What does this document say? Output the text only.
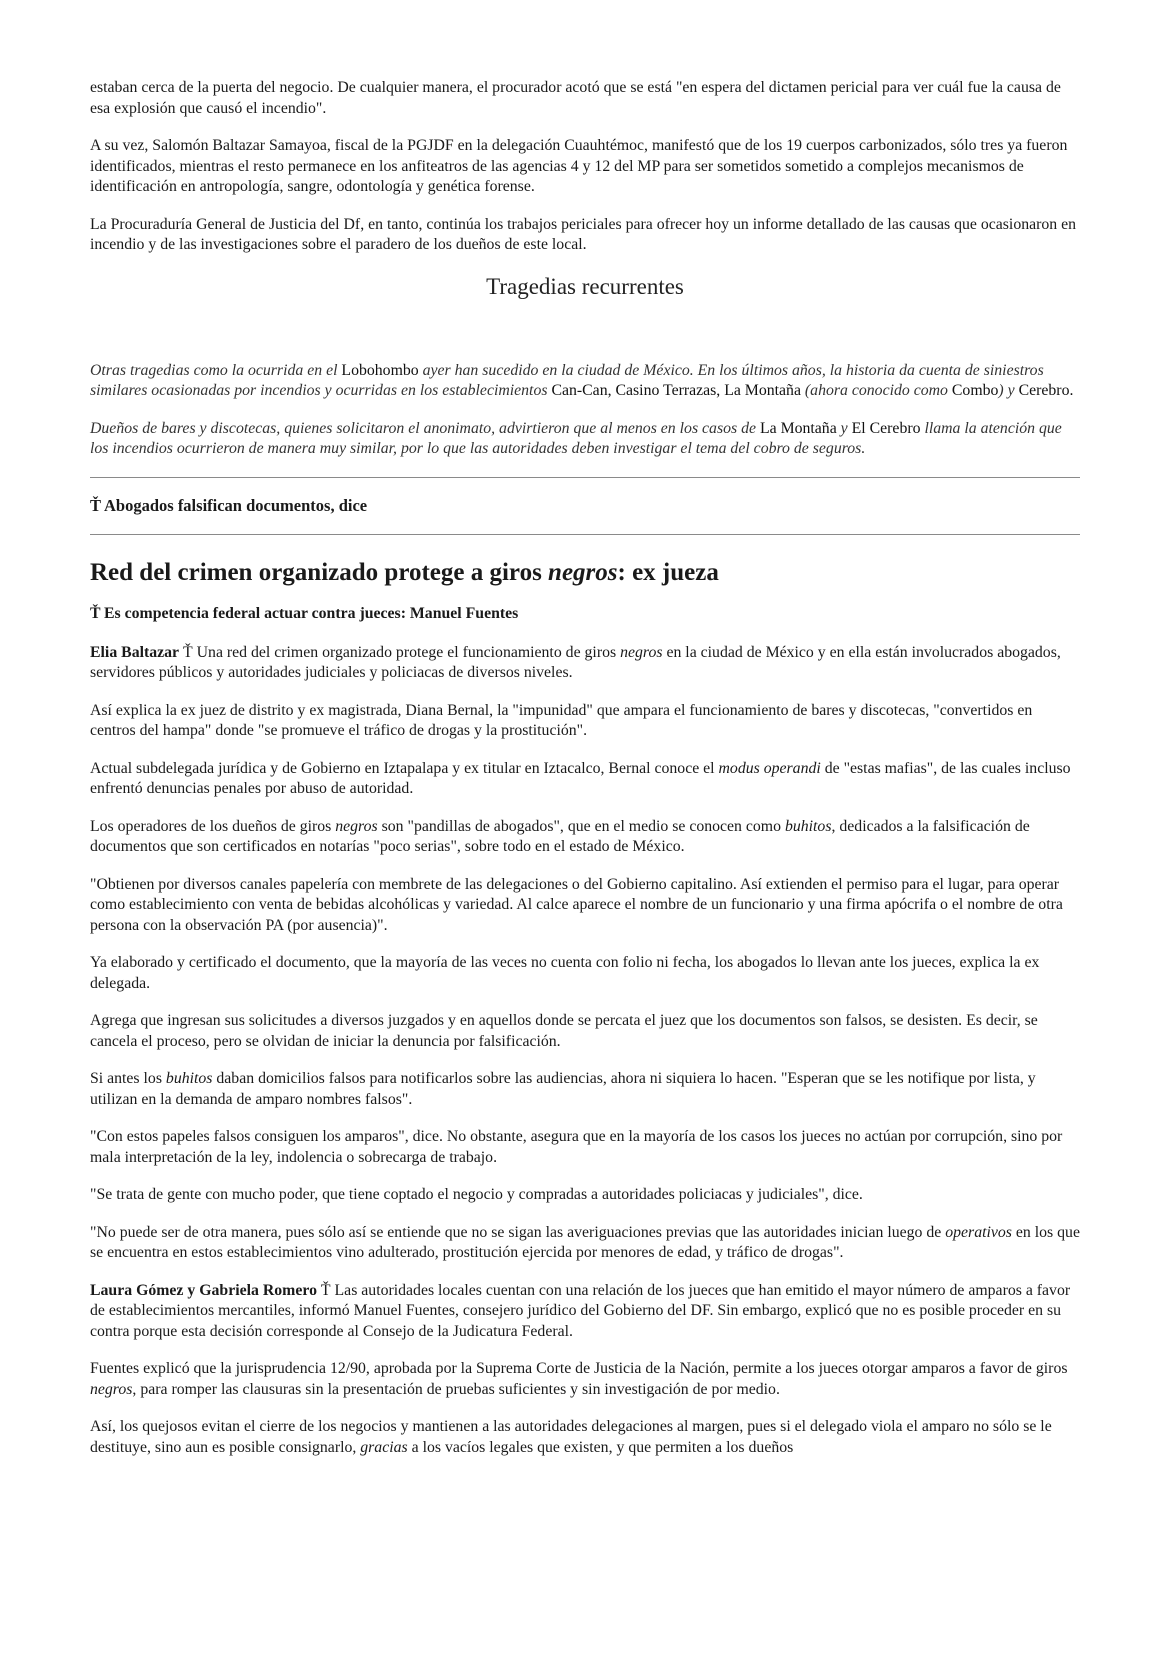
estaban cerca de la puerta del negocio. De cualquier manera, el procurador acotó que se está "en espera del dictamen pericial para ver cuál fue la causa de esa explosión que causó el incendio".

A su vez, Salomón Baltazar Samayoa, fiscal de la PGJDF en la delegación Cuauhtémoc, manifestó que de los 19 cuerpos carbonizados, sólo tres ya fueron identificados, mientras el resto permanece en los anfiteatros de las agencias 4 y 12 del MP para ser sometidos sometido a complejos mecanismos de identificación en antropología, sangre, odontología y genética forense.

La Procuraduría General de Justicia del Df, en tanto, continúa los trabajos periciales para ofrecer hoy un informe detallado de las causas que ocasionaron en incendio y de las investigaciones sobre el paradero de los dueños de este local.

Tragedias recurrentes

Otras tragedias como la ocurrida en el Lobohombo ayer han sucedido en la ciudad de México. En los últimos años, la historia da cuenta de siniestros similares ocasionadas por incendios y ocurridas en los establecimientos Can-Can, Casino Terrazas, La Montaña (ahora conocido como Combo) y Cerebro.

Dueños de bares y discotecas, quienes solicitaron el anonimato, advirtieron que al menos en los casos de La Montaña y El Cerebro llama la atención que los incendios ocurrieron de manera muy similar, por lo que las autoridades deben investigar el tema del cobro de seguros.

Ť Abogados falsifican documentos, dice
Red del crimen organizado protege a giros negros: ex jueza
Ť Es competencia federal actuar contra jueces: Manuel Fuentes

Elia Baltazar Ť Una red del crimen organizado protege el funcionamiento de giros negros en la ciudad de México y en ella están involucrados abogados, servidores públicos y autoridades judiciales y policiacas de diversos niveles.

Así explica la ex juez de distrito y ex magistrada, Diana Bernal, la "impunidad" que ampara el funcionamiento de bares y discotecas, "convertidos en centros del hampa" donde "se promueve el tráfico de drogas y la prostitución".

Actual subdelegada jurídica y de Gobierno en Iztapalapa y ex titular en Iztacalco, Bernal conoce el modus operandi de "estas mafias", de las cuales incluso enfrentó denuncias penales por abuso de autoridad.

Los operadores de los dueños de giros negros son "pandillas de abogados", que en el medio se conocen como buhitos, dedicados a la falsificación de documentos que son certificados en notarías "poco serias", sobre todo en el estado de México.

"Obtienen por diversos canales papelería con membrete de las delegaciones o del Gobierno capitalino. Así extienden el permiso para el lugar, para operar como establecimiento con venta de bebidas alcohólicas y variedad. Al calce aparece el nombre de un funcionario y una firma apócrifa o el nombre de otra persona con la observación PA (por ausencia)".

Ya elaborado y certificado el documento, que la mayoría de las veces no cuenta con folio ni fecha, los abogados lo llevan ante los jueces, explica la ex delegada.

Agrega que ingresan sus solicitudes a diversos juzgados y en aquellos donde se percata el juez que los documentos son falsos, se desisten. Es decir, se cancela el proceso, pero se olvidan de iniciar la denuncia por falsificación.

Si antes los buhitos daban domicilios falsos para notificarlos sobre las audiencias, ahora ni siquiera lo hacen. "Esperan que se les notifique por lista, y utilizan en la demanda de amparo nombres falsos".

"Con estos papeles falsos consiguen los amparos", dice. No obstante, asegura que en la mayoría de los casos los jueces no actúan por corrupción, sino por mala interpretación de la ley, indolencia o sobrecarga de trabajo.

"Se trata de gente con mucho poder, que tiene coptado el negocio y compradas a autoridades policiacas y judiciales", dice.

"No puede ser de otra manera, pues sólo así se entiende que no se sigan las averiguaciones previas que las autoridades inician luego de operativos en los que se encuentra en estos establecimientos vino adulterado, prostitución ejercida por menores de edad, y tráfico de drogas".

Laura Gómez y Gabriela Romero Ť Las autoridades locales cuentan con una relación de los jueces que han emitido el mayor número de amparos a favor de establecimientos mercantiles, informó Manuel Fuentes, consejero jurídico del Gobierno del DF. Sin embargo, explicó que no es posible proceder en su contra porque esta decisión corresponde al Consejo de la Judicatura Federal.

Fuentes explicó que la jurisprudencia 12/90, aprobada por la Suprema Corte de Justicia de la Nación, permite a los jueces otorgar amparos a favor de giros negros, para romper las clausuras sin la presentación de pruebas suficientes y sin investigación de por medio.

Así, los quejosos evitan el cierre de los negocios y mantienen a las autoridades delegaciones al margen, pues si el delegado viola el amparo no sólo se le destituye, sino aun es posible consignarlo, gracias a los vacíos legales que existen, y que permiten a los dueños
